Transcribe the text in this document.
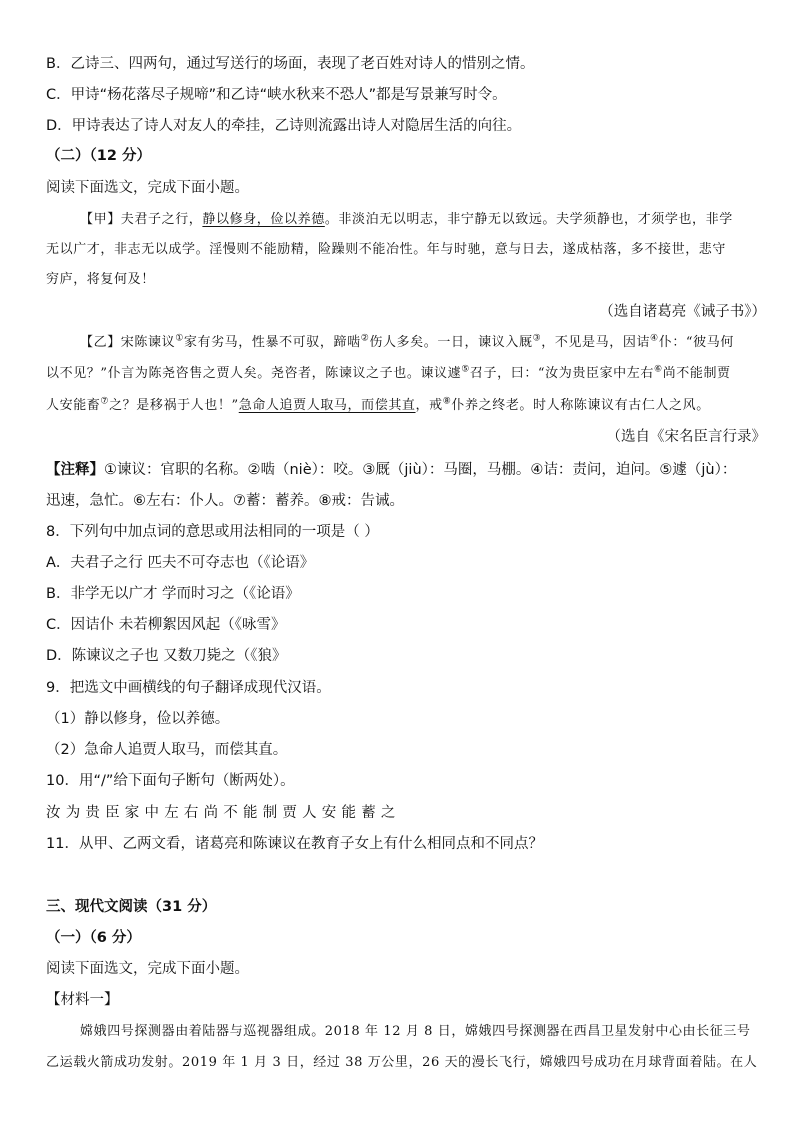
B．乙诗三、四两句，通过写送行的场面，表现了老百姓对诗人的惜别之情。
C．甲诗“杨花落尽子规啼”和乙诗“峡水秋来不恐人”都是写景兼写时令。
D．甲诗表达了诗人对友人的牵挂，乙诗则流露出诗人对隐居生活的向往。
（二）（12 分）
阅读下面选文，完成下面小题。
【甲】夫君子之行，静以修身，俭以养德。非淡泊无以明志，非宁静无以致远。夫学须静也，才须学也，非学
无以广才，非志无以成学。淫慢则不能励精，险躁则不能冶性。年与时驰，意与日去，遂成枯落，多不接世，悲守
穷庐，将复何及！
（选自诸葛亮《诫子书》）
【乙】宋陈谏议①家有劣马，性暴不可驭，蹄啮②伤人多矣。一日，谏议入厩③，不见是马，因诘④仆：“彼马何
以不见？”仆言为陈尧咨售之贾人矣。尧咨者，陈谏议之子也。谏议遽⑤召子，曰：“汝为贵臣家中左右⑥尚不能制贾
人安能畜⑦之？是移祸于人也！”急命人追贾人取马，而偿其直，戒⑧仆养之终老。时人称陈谏议有古仁人之风。
（选自《宋名臣言行录》
【注释】①谏议：官职的名称。②啮（niè）：咬。③厩（jiù）：马圈，马棚。④诘：责问，迫问。⑤遽（jù）：
迅速，急忙。⑥左右：仆人。⑦蓄：蓄养。⑧戒：告诫。
8．下列句中加点词的意思或用法相同的一项是（ ）
A．夫君子之行 匹夫不可夺志也（《论语》
B．非学无以广才 学而时习之（《论语》
C．因诘仆 未若柳絮因风起（《咏雪》
D．陈谏议之子也 又数刀毙之（《狼》
9．把选文中画横线的句子翻译成现代汉语。
（1）静以修身，俭以养德。
（2）急命人追贾人取马，而偿其直。
10．用“/”给下面句子断句（断两处）。
汝为贵臣家中左右尚不能制贾人安能蓄之
11．从甲、乙两文看，诸葛亮和陈谏议在教育子女上有什么相同点和不同点？
三、现代文阅读（31 分）
（一）（6 分）
阅读下面选文，完成下面小题。
【材料一】
嫦娥四号探测器由着陆器与巡视器组成。2018 年 12 月 8 日，嫦娥四号探测器在西昌卫星发射中心由长征三号
乙运载火箭成功发射。2019 年 1 月 3 日，经过 38 万公里，26 天的漫长飞行，嫦娥四号成功在月球背面着陆。在人
